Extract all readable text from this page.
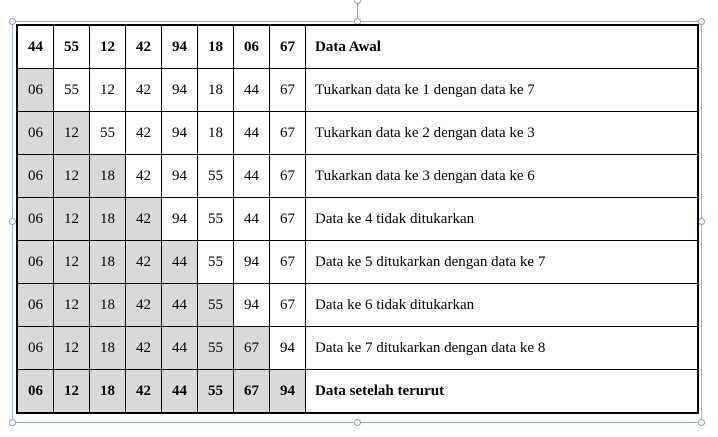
44	55	12	42	94	18	06	67	Data Awal
06	55	12	42	94	18	44	67	Tukarkan data ke 1 dengan data ke 7
06	12	55	42	94	18	44	67	Tukarkan data ke 2 dengan data ke 3
06	12	18	42	94	55	44	67	Tukarkan data ke 3 dengan data ke 6
06	12	18	42	94	55	44	67	Data ke 4 tidak ditukarkan
06	12	18	42	44	55	94	67	Data ke 5 ditukarkan dengan data ke 7
06	12	18	42	44	55	94	67	Data ke 6 tidak ditukarkan
06	12	18	42	44	55	67	94	Data ke 7 ditukarkan dengan data ke 8
06	12	18	42	44	55	67	94	Data setelah terurut
